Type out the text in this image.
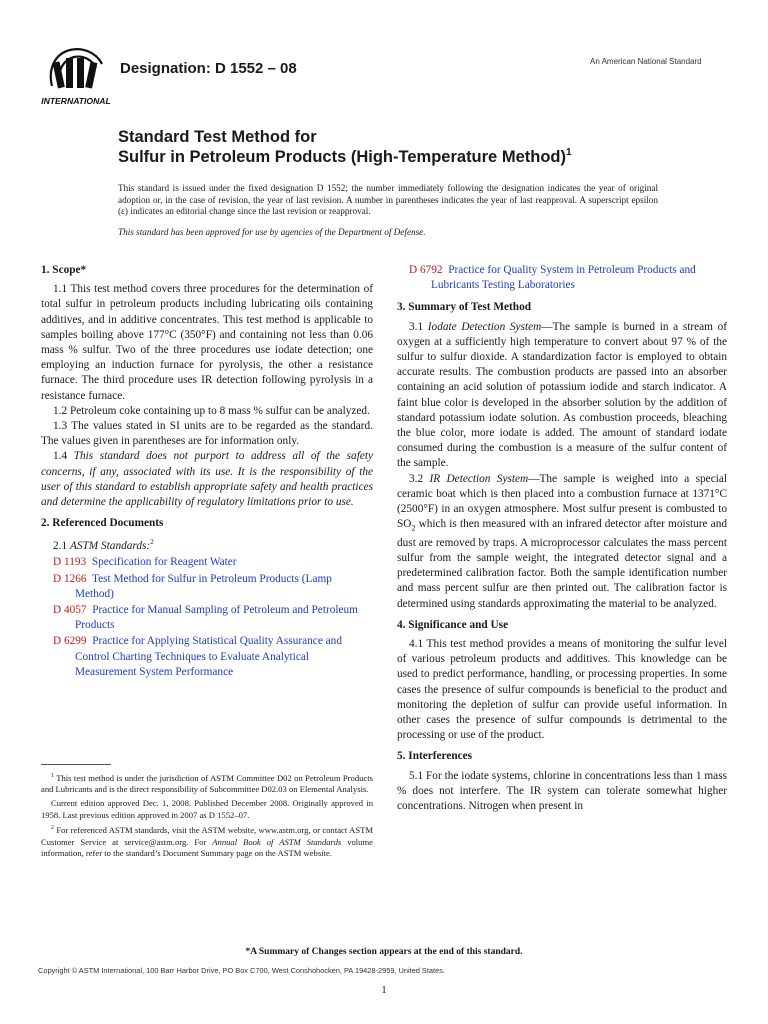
INTERNATIONAL
Designation: D 1552 – 08	An American National Standard
Standard Test Method for
Sulfur in Petroleum Products (High-Temperature Method)$^1$
This standard is issued under the fixed designation D 1552; the number immediately following the designation indicates the year of original adoption or, in the case of revision, the year of last revision. A number in parentheses indicates the year of last reapproval. A superscript epsilon (ε) indicates an editorial change since the last revision or reapproval.
This standard has been approved for use by agencies of the Department of Defense.

1. Scope*

1.1 This test method covers three procedures for the determination of total sulfur in petroleum products including lubricating oils containing additives, and in additive concentrates. This test method is applicable to samples boiling above 177°C (350°F) and containing not less than 0.06 mass % sulfur. Two of the three procedures use iodate detection; one employing an induction furnace for pyrolysis, the other a resistance furnace. The third procedure uses IR detection following pyrolysis in a resistance furnace.

1.2 Petroleum coke containing up to 8 mass % sulfur can be analyzed.

1.3 The values stated in SI units are to be regarded as the standard. The values given in parentheses are for information only.

1.4 This standard does not purport to address all of the safety concerns, if any, associated with its use. It is the responsibility of the user of this standard to establish appropriate safety and health practices and determine the applicability of regulatory limitations prior to use.

2. Referenced Documents

2.1 ASTM Standards:$^2$

D 1193 Specification for Reagent Water

D 1266 Test Method for Sulfur in Petroleum Products (Lamp Method)

D 4057 Practice for Manual Sampling of Petroleum and Petroleum Products

D 6299 Practice for Applying Statistical Quality Assurance and Control Charting Techniques to Evaluate Analytical Measurement System Performance

D 6792 Practice for Quality System in Petroleum Products and Lubricants Testing Laboratories

3. Summary of Test Method

3.1 Iodate Detection System—The sample is burned in a stream of oxygen at a sufficiently high temperature to convert about 97 % of the sulfur to sulfur dioxide. A standardization factor is employed to obtain accurate results. The combustion products are passed into an absorber containing an acid solution of potassium iodide and starch indicator. A faint blue color is developed in the absorber solution by the addition of standard potassium iodate solution. As combustion proceeds, bleaching the blue color, more iodate is added. The amount of standard iodate consumed during the combustion is a measure of the sulfur content of the sample.

3.2 IR Detection System—The sample is weighed into a special ceramic boat which is then placed into a combustion furnace at 1371°C (2500°F) in an oxygen atmosphere. Most sulfur present is combusted to $SO_2$ which is then measured with an infrared detector after moisture and dust are removed by traps. A microprocessor calculates the mass percent sulfur from the sample weight, the integrated detector signal and a predetermined calibration factor. Both the sample identification number and mass percent sulfur are then printed out. The calibration factor is determined using standards approximating the material to be analyzed.

4. Significance and Use

4.1 This test method provides a means of monitoring the sulfur level of various petroleum products and additives. This knowledge can be used to predict performance, handling, or processing properties. In some cases the presence of sulfur compounds is beneficial to the product and monitoring the depletion of sulfur can provide useful information. In other cases the presence of sulfur compounds is detrimental to the processing or use of the product.

5. Interferences

5.1 For the iodate systems, chlorine in concentrations less than 1 mass % does not interfere. The IR system can tolerate somewhat higher concentrations. Nitrogen when present in

$^1$ This test method is under the jurisdiction of ASTM Committee D02 on Petroleum Products and Lubricants and is the direct responsibility of Subcommittee D02.03 on Elemental Analysis.

Current edition approved Dec. 1, 2008. Published December 2008. Originally approved in 1958. Last previous edition approved in 2007 as D 1552–07.

$^2$ For referenced ASTM standards, visit the ASTM website, www.astm.org, or contact ASTM Customer Service at service@astm.org. For Annual Book of ASTM Standards volume information, refer to the standard’s Document Summary page on the ASTM website.

*A Summary of Changes section appears at the end of this standard.
Copyright © ASTM International, 100 Barr Harbor Drive, PO Box C700, West Conshohocken, PA 19428-2959, United States.
1
